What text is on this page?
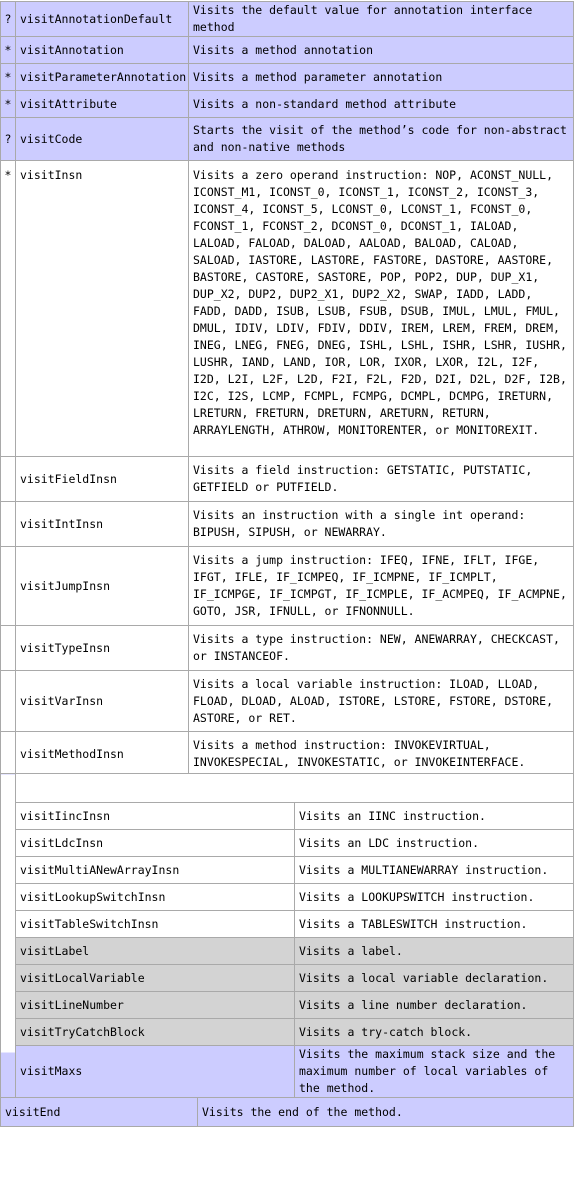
?	visitAnnotationDefault	Visits the default value for annotation interface method
*	visitAnnotation	Visits a method annotation
*	visitParameterAnnotation	Visits a method parameter annotation
*	visitAttribute	Visits a non-standard method attribute
?	visitCode	Starts the visit of the method’s code for non-abstract and non-native methods
*	visitInsn	Visits a zero operand instruction: NOP, ACONST_NULL, ICONST_M1, ICONST_0, ICONST_1, ICONST_2, ICONST_3, ICONST_4, ICONST_5, LCONST_0, LCONST_1, FCONST_0, FCONST_1, FCONST_2, DCONST_0, DCONST_1, IALOAD, LALOAD, FALOAD, DALOAD, AALOAD, BALOAD, CALOAD, SALOAD, IASTORE, LASTORE, FASTORE, DASTORE, AASTORE, BASTORE, CASTORE, SASTORE, POP, POP2, DUP, DUP_X1, DUP_X2, DUP2, DUP2_X1, DUP2_X2, SWAP, IADD, LADD, FADD, DADD, ISUB, LSUB, FSUB, DSUB, IMUL, LMUL, FMUL, DMUL, IDIV, LDIV, FDIV, DDIV, IREM, LREM, FREM, DREM, INEG, LNEG, FNEG, DNEG, ISHL, LSHL, ISHR, LSHR, IUSHR, LUSHR, IAND, LAND, IOR, LOR, IXOR, LXOR, I2L, I2F, I2D, L2I, L2F, L2D, F2I, F2L, F2D, D2I, D2L, D2F, I2B, I2C, I2S, LCMP, FCMPL, FCMPG, DCMPL, DCMPG, IRETURN, LRETURN, FRETURN, DRETURN, ARETURN, RETURN, ARRAYLENGTH, ATHROW, MONITORENTER, or MONITOREXIT.
	visitFieldInsn	Visits a field instruction: GETSTATIC, PUTSTATIC, GETFIELD or PUTFIELD.
	visitIntInsn	Visits an instruction with a single int operand: BIPUSH, SIPUSH, or NEWARRAY.
	visitJumpInsn	Visits a jump instruction: IFEQ, IFNE, IFLT, IFGE, IFGT, IFLE, IF_ICMPEQ, IF_ICMPNE, IF_ICMPLT, IF_ICMPGE, IF_ICMPGT, IF_ICMPLE, IF_ACMPEQ, IF_ACMPNE, GOTO, JSR, IFNULL, or IFNONNULL.
	visitTypeInsn	Visits a type instruction: NEW, ANEWARRAY, CHECKCAST, or INSTANCEOF.
	visitVarInsn	Visits a local variable instruction: ILOAD, LLOAD, FLOAD, DLOAD, ALOAD, ISTORE, LSTORE, FSTORE, DSTORE, ASTORE, or RET.
	visitMethodInsn	Visits a method instruction: INVOKEVIRTUAL, INVOKESPECIAL, INVOKESTATIC, or INVOKEINTERFACE.

	visitIincInsn	Visits an IINC instruction.
	visitLdcInsn	Visits an LDC instruction.
	visitMultiANewArrayInsn	Visits a MULTIANEWARRAY instruction.
	visitLookupSwitchInsn	Visits a LOOKUPSWITCH instruction.
	visitTableSwitchInsn	Visits a TABLESWITCH instruction.
	visitLabel	Visits a label.
	visitLocalVariable	Visits a local variable declaration.
	visitLineNumber	Visits a line number declaration.
	visitTryCatchBlock	Visits a try-catch block.
	visitMaxs	Visits the maximum stack size and the maximum number of local variables of the method.
visitEnd	Visits the end of the method.
